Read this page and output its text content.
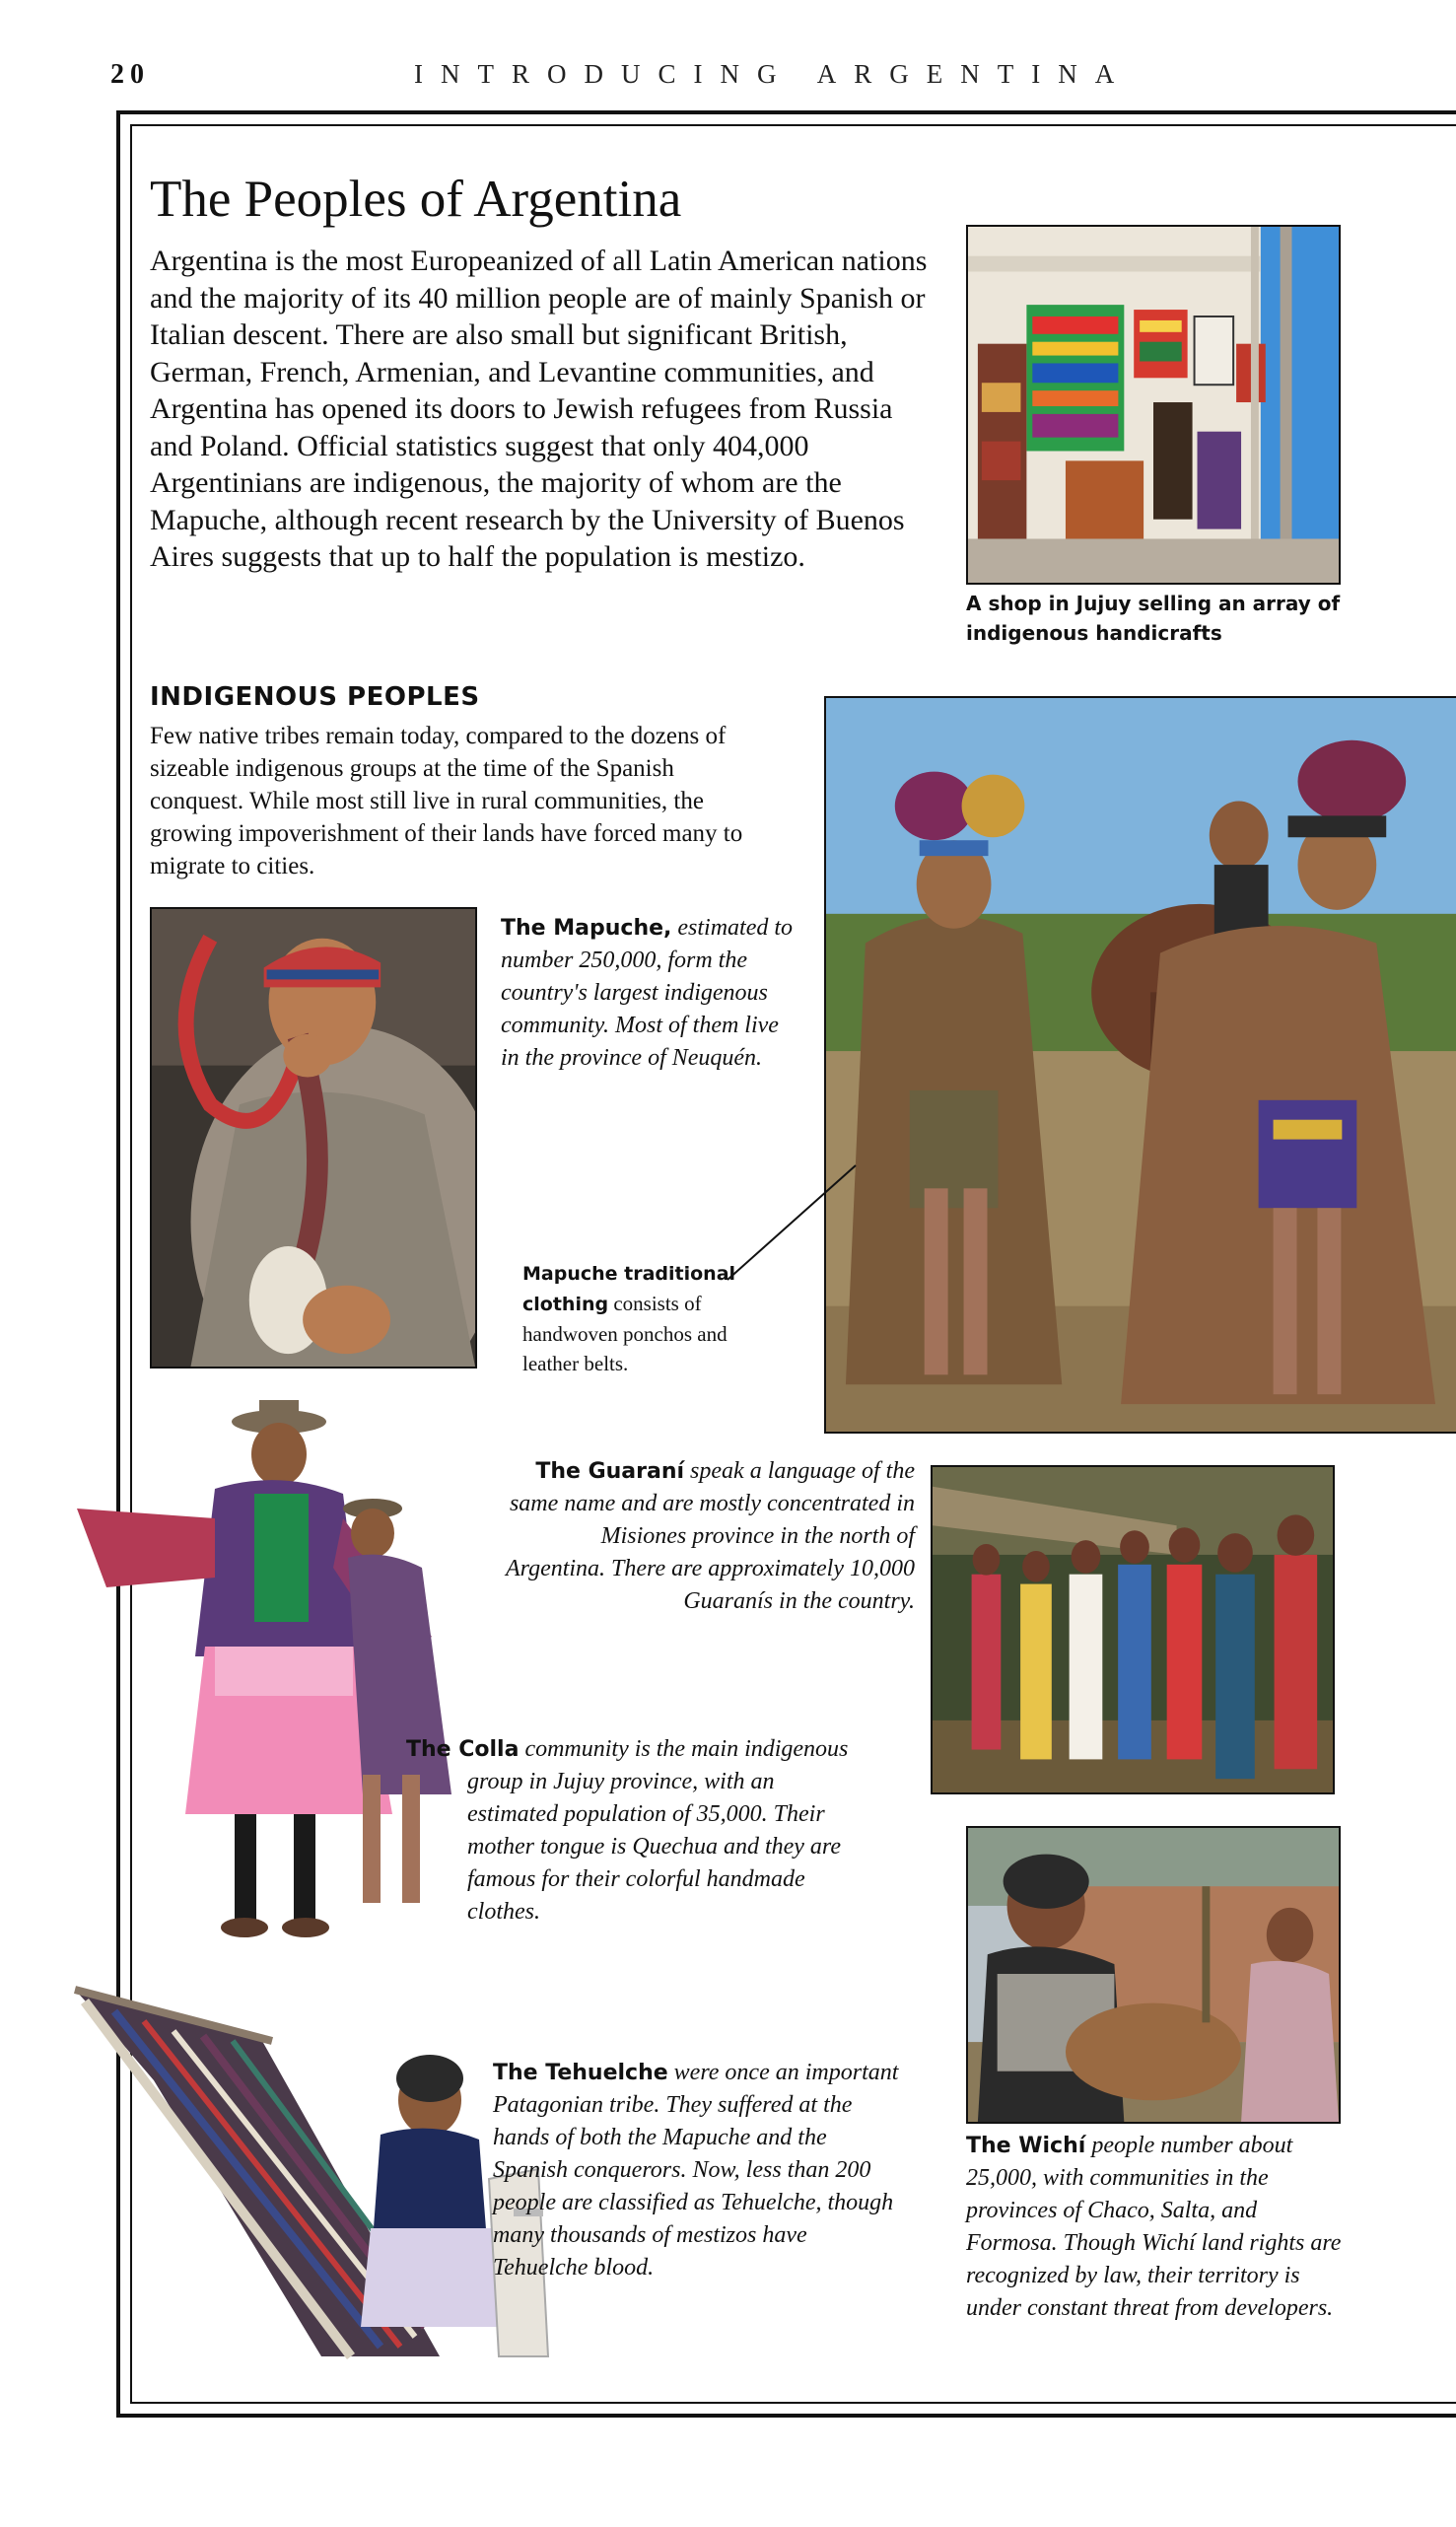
20	INTRODUCING ARGENTINA
The Peoples of Argentina

Argentina is the most Europeanized of all Latin American nations and the majority of its 40 million people are of mainly Spanish or Italian descent. There are also small but significant British, German, French, Armenian, and Levantine communities, and Argentina has opened its doors to Jewish refugees from Russia and Poland. Official statistics suggest that only 404,000 Argentinians are indigenous, the majority of whom are the Mapuche, although recent research by the University of Buenos Aires suggests that up to half the population is mestizo.

A shop in Jujuy selling an array of indigenous handicrafts
INDIGENOUS PEOPLES

Few native tribes remain today, compared to the dozens of sizeable indigenous groups at the time of the Spanish conquest. While most still live in rural communities, the growing impoverishment of their lands have forced many to migrate to cities.

The Mapuche, estimated to number 250,000, form the country's largest indigenous community. Most of them live in the province of Neuquén.
Mapuche traditional clothing consists of handwoven ponchos and leather belts.
The Guaraní speak a language of the same name and are mostly concentrated in Misiones province in the north of Argentina. There are approximately 10,000 Guaranís in the country.
The Colla community is the main indigenous group in Jujuy province, with an estimated population of 35,000. Their mother tongue is Quechua and they are famous for their colorful handmade clothes.
The Tehuelche were once an important Patagonian tribe. They suffered at the hands of both the Mapuche and the Spanish conquerors. Now, less than 200 people are classified as Tehuelche, though many thousands of mestizos have Tehuelche blood.
The Wichí people number about 25,000, with communities in the provinces of Chaco, Salta, and Formosa. Though Wichí land rights are recognized by law, their territory is under constant threat from developers.
